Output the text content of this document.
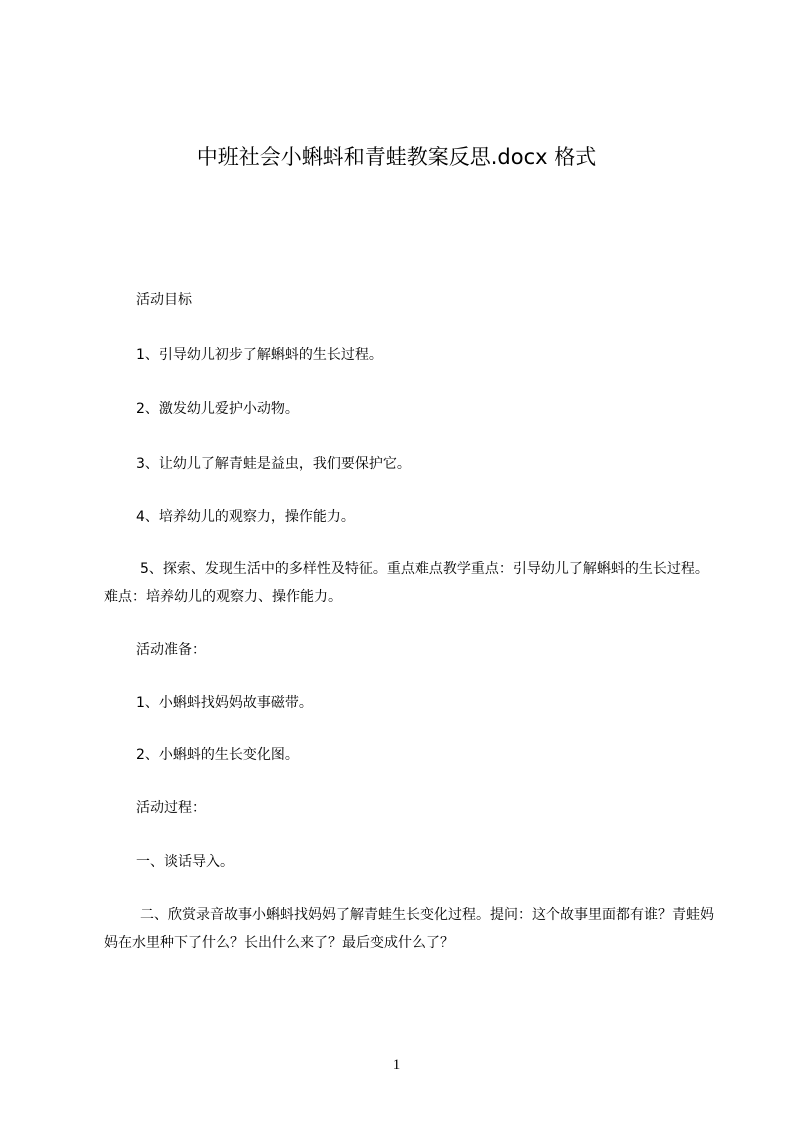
中班社会小蝌蚪和青蛙教案反思.docx 格式
活动目标
1、引导幼儿初步了解蝌蚪的生长过程。
2、激发幼儿爱护小动物。
3、让幼儿了解青蛙是益虫，我们要保护它。
4、培养幼儿的观察力，操作能力。
5、探索、发现生活中的多样性及特征。重点难点教学重点：引导幼儿了解蝌蚪的生长过程。难点：培养幼儿的观察力、操作能力。
活动准备：
1、小蝌蚪找妈妈故事磁带。
2、小蝌蚪的生长变化图。
活动过程：
一、谈话导入。
二、欣赏录音故事小蝌蚪找妈妈了解青蛙生长变化过程。提问：这个故事里面都有谁？青蛙妈妈在水里种下了什么？长出什么来了？最后变成什么了？
1
